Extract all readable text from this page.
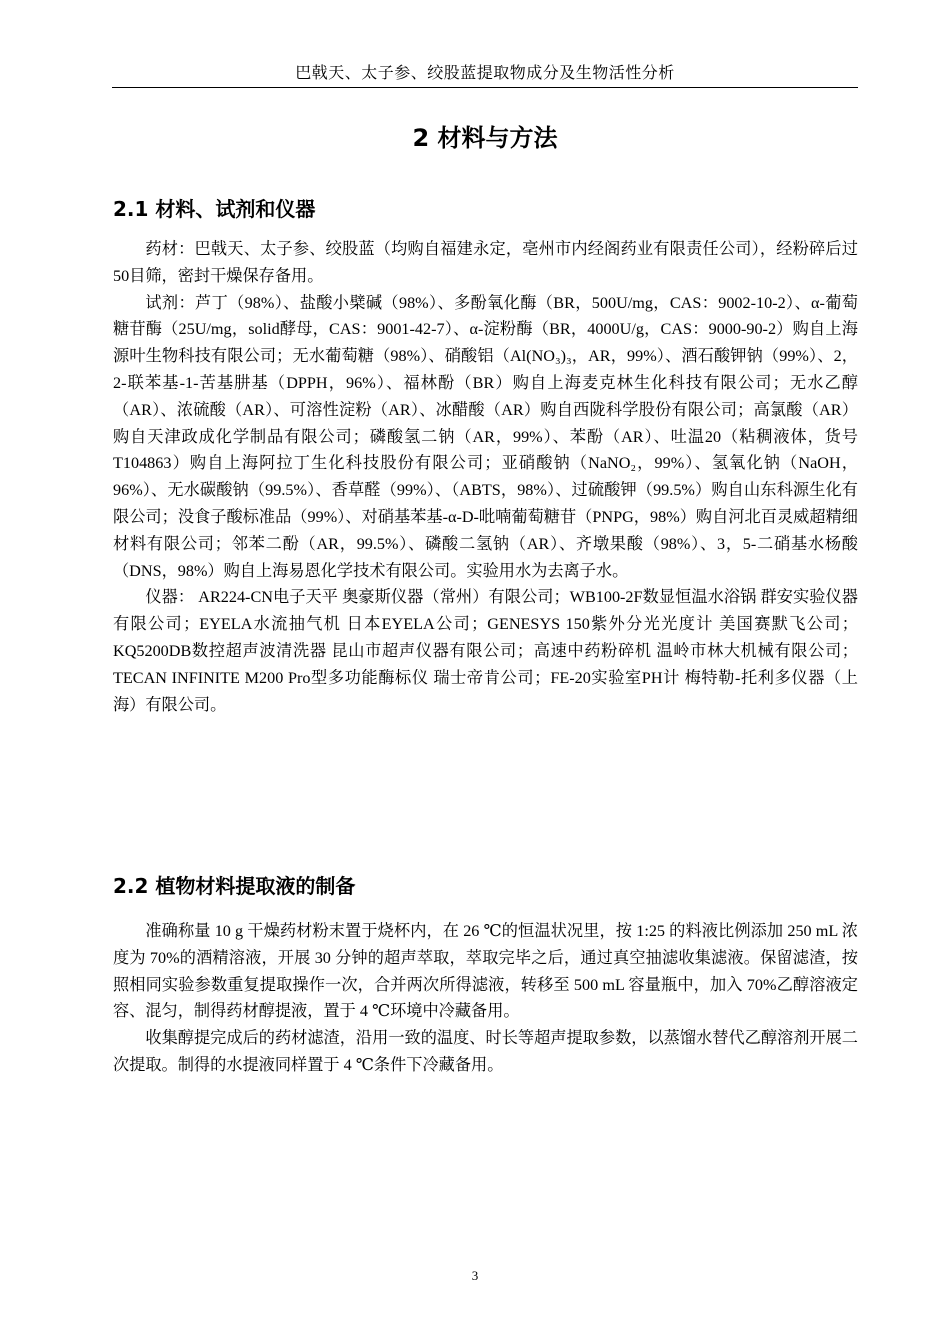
巴戟天、太子参、绞股蓝提取物成分及生物活性分析
2 材料与方法
2.1 材料、试剂和仪器

药材：巴戟天、太子参、绞股蓝（均购自福建永定，亳州市内经阁药业有限责任公司），经粉碎后过50目筛，密封干燥保存备用。

试剂：芦丁（98%）、盐酸小檗碱（98%）、多酚氧化酶（BR，500U/mg，CAS：9002-10-2）、α-葡萄糖苷酶（25U/mg，solid酵母，CAS：9001-42-7）、α-淀粉酶（BR，4000U/g，CAS：9000-90-2）购自上海源叶生物科技有限公司；无水葡萄糖（98%）、硝酸铝（Al(NO₃)₃，AR，99%）、酒石酸钾钠（99%）、2，2-联苯基-1-苦基肼基（DPPH，96%）、福林酚（BR）购自上海麦克林生化科技有限公司；无水乙醇（AR）、浓硫酸（AR）、可溶性淀粉（AR）、冰醋酸（AR）购自西陇科学股份有限公司；高氯酸（AR）购自天津政成化学制品有限公司；磷酸氢二钠（AR，99%）、苯酚（AR）、吐温20（粘稠液体，货号T104863）购自上海阿拉丁生化科技股份有限公司；亚硝酸钠（NaNO₂，99%）、氢氧化钠（NaOH，96%）、无水碳酸钠（99.5%）、香草醛（99%）、（ABTS，98%）、过硫酸钾（99.5%）购自山东科源生化有限公司；没食子酸标准品（99%）、对硝基苯基-α-D-吡喃葡萄糖苷（PNPG，98%）购自河北百灵威超精细材料有限公司；邻苯二酚（AR，99.5%）、磷酸二氢钠（AR）、齐墩果酸（98%）、3，5-二硝基水杨酸（DNS，98%）购自上海易恩化学技术有限公司。实验用水为去离子水。

仪器： AR224-CN电子天平 奥豪斯仪器（常州）有限公司；WB100-2F数显恒温水浴锅 群安实验仪器有限公司；EYELA水流抽气机 日本EYELA公司；GENESYS 150紫外分光光度计 美国赛默飞公司；KQ5200DB数控超声波清洗器 昆山市超声仪器有限公司；高速中药粉碎机 温岭市林大机械有限公司；TECAN INFINITE M200 Pro型多功能酶标仪 瑞士帝肯公司；FE-20实验室PH计 梅特勒-托利多仪器（上海）有限公司。

2.2 植物材料提取液的制备

准确称量 10 g 干燥药材粉末置于烧杯内，在 26 ℃的恒温状况里，按 1:25 的料液比例添加 250 mL 浓度为 70%的酒精溶液，开展 30 分钟的超声萃取，萃取完毕之后，通过真空抽滤收集滤液。保留滤渣，按照相同实验参数重复提取操作一次，合并两次所得滤液，转移至 500 mL 容量瓶中，加入 70%乙醇溶液定容、混匀，制得药材醇提液，置于 4 ℃环境中冷藏备用。

收集醇提完成后的药材滤渣，沿用一致的温度、时长等超声提取参数，以蒸馏水替代乙醇溶剂开展二次提取。制得的水提液同样置于 4 ℃条件下冷藏备用。

3
